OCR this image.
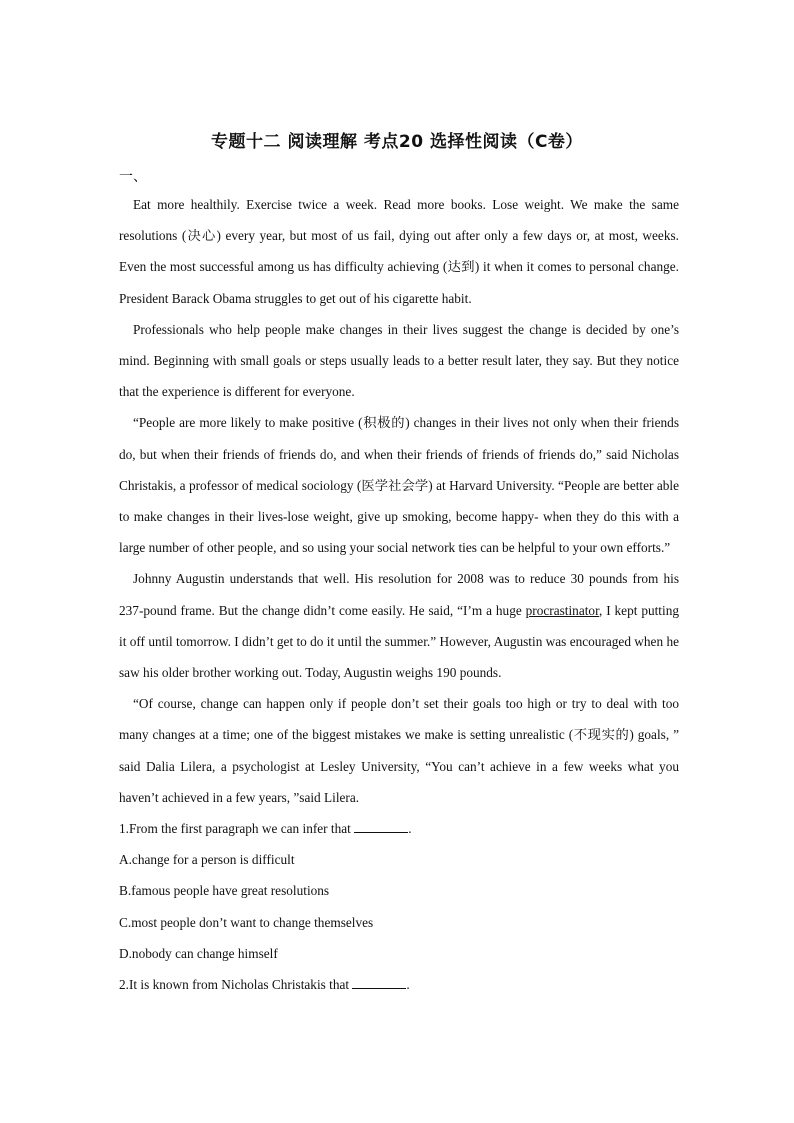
专题十二 阅读理解 考点20 选择性阅读（C卷）
一、

Eat more healthily. Exercise twice a week. Read more books. Lose weight. We make the same resolutions (决心) every year, but most of us fail, dying out after only a few days or, at most, weeks. Even the most successful among us has difficulty achieving (达到) it when it comes to personal change. President Barack Obama struggles to get out of his cigarette habit.

Professionals who help people make changes in their lives suggest the change is decided by one’s mind. Beginning with small goals or steps usually leads to a better result later, they say. But they notice that the experience is different for everyone.

“People are more likely to make positive (积极的) changes in their lives not only when their friends do, but when their friends of friends do, and when their friends of friends of friends do,” said Nicholas Christakis, a professor of medical sociology (医学社会学) at Harvard University. “People are better able to make changes in their lives-lose weight, give up smoking, become happy- when they do this with a large number of other people, and so using your social network ties can be helpful to your own efforts.”

Johnny Augustin understands that well. His resolution for 2008 was to reduce 30 pounds from his 237-pound frame. But the change didn’t come easily. He said, “I’m a huge procrastinator, I kept putting it off until tomorrow. I didn’t get to do it until the summer.” However, Augustin was encouraged when he saw his older brother working out. Today, Augustin weighs 190 pounds.

“Of course, change can happen only if people don’t set their goals too high or try to deal with too many changes at a time; one of the biggest mistakes we make is setting unrealistic (不现实的) goals, ” said Dalia Lilera, a psychologist at Lesley University, “You can’t achieve in a few weeks what you haven’t achieved in a few years, ”said Lilera.

1.From the first paragraph we can infer that	.

A.change for a person is difficult

B.famous people have great resolutions

C.most people don’t want to change themselves

D.nobody can change himself

2.It is known from Nicholas Christakis that	.
